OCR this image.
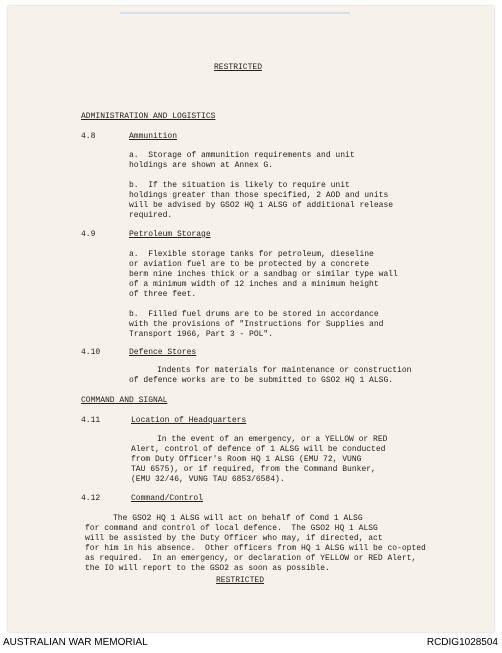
RESTRICTED
ADMINISTRATION AND LOGISTICS
4.8	Ammunition
a.  Storage of ammunition requirements and unit
holdings are shown at Annex G.
b.  If the situation is likely to require unit
holdings greater than those specified, 2 AOD and units
will be advised by GSO2 HQ 1 ALSG of additional release
required.
4.9	Petroleum Storage
a.  Flexible storage tanks for petroleum, dieseline
or aviation fuel are to be protected by a concrete
berm nine inches thick or a sandbag or similar type wall
of a minimum width of 12 inches and a minimum height
of three feet.
b.  Filled fuel drums are to be stored in accordance
with the provisions of "Instructions for Supplies and
Transport 1966, Part 3 - POL".
4.10	Defence Stores
Indents for materials for maintenance or construction
of defence works are to be submitted to GSO2 HQ 1 ALSG.
COMMAND AND SIGNAL
4.11	Location of Headquarters
In the event of an emergency, or a YELLOW or RED
Alert, control of defence of 1 ALSG will be conducted
from Duty Officer's Room HQ 1 ALSG (EMU 72, VUNG
TAU 6575), or if required, from the Command Bunker,
(EMU 32/46, VUNG TAU 6853/6584).
4.12	Command/Control
The GSO2 HQ 1 ALSG will act on behalf of Comd 1 ALSG
for command and control of local defence.  The GSO2 HQ 1 ALSG
will be assisted by the Duty Officer who may, if directed, act
for him in his absence.  Other officers from HQ 1 ALSG will be co-opted
as required.  In an emergency, or declaration of YELLOW or RED Alert,
the IO will report to the GSO2 as soon as possible.
RESTRICTED
AUSTRALIAN WAR MEMORIAL	RCDIG1028504
